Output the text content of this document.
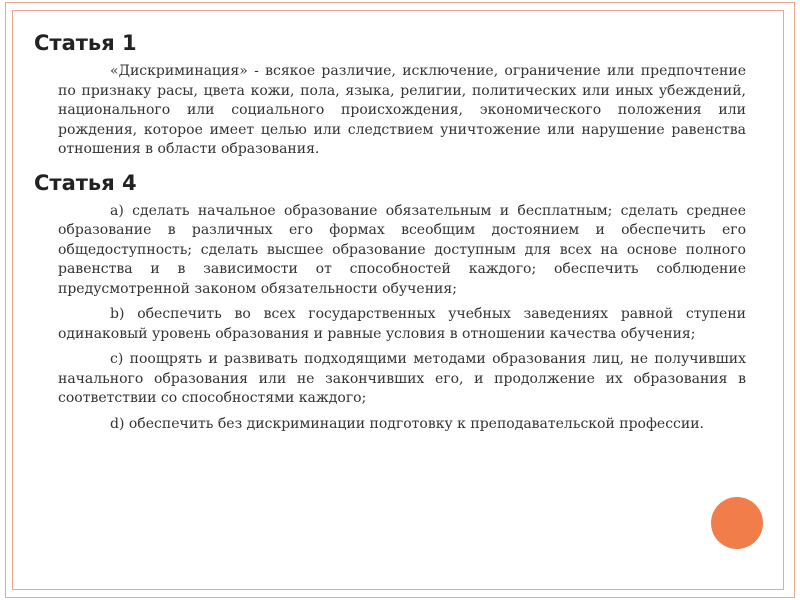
Статья 1

«Дискриминация» - всякое различие, исключение, ограничение или предпочтение по признаку расы, цвета кожи, пола, языка, религии, политических или иных убеждений, национального или социального происхождения, экономического положения или рождения, которое имеет целью или следствием уничтожение или нарушение равенства отношения в области образования.

Статья 4

а) сделать начальное образование обязательным и бесплатным; сделать среднее образование в различных его формах всеобщим достоянием и обеспечить его общедоступность; сделать высшее образование доступным для всех на основе полного равенства и в зависимости от способностей каждого; обеспечить соблюдение предусмотренной законом обязательности обучения;

b) обеспечить во всех государственных учебных заведениях равной ступени одинаковый уровень образования и равные условия в отношении качества обучения;

c) поощрять и развивать подходящими методами образования лиц, не получивших начального образования или не закончивших его, и продолжение их образования в соответствии со способностями каждого;

d) обеспечить без дискриминации подготовку к преподавательской профессии.
